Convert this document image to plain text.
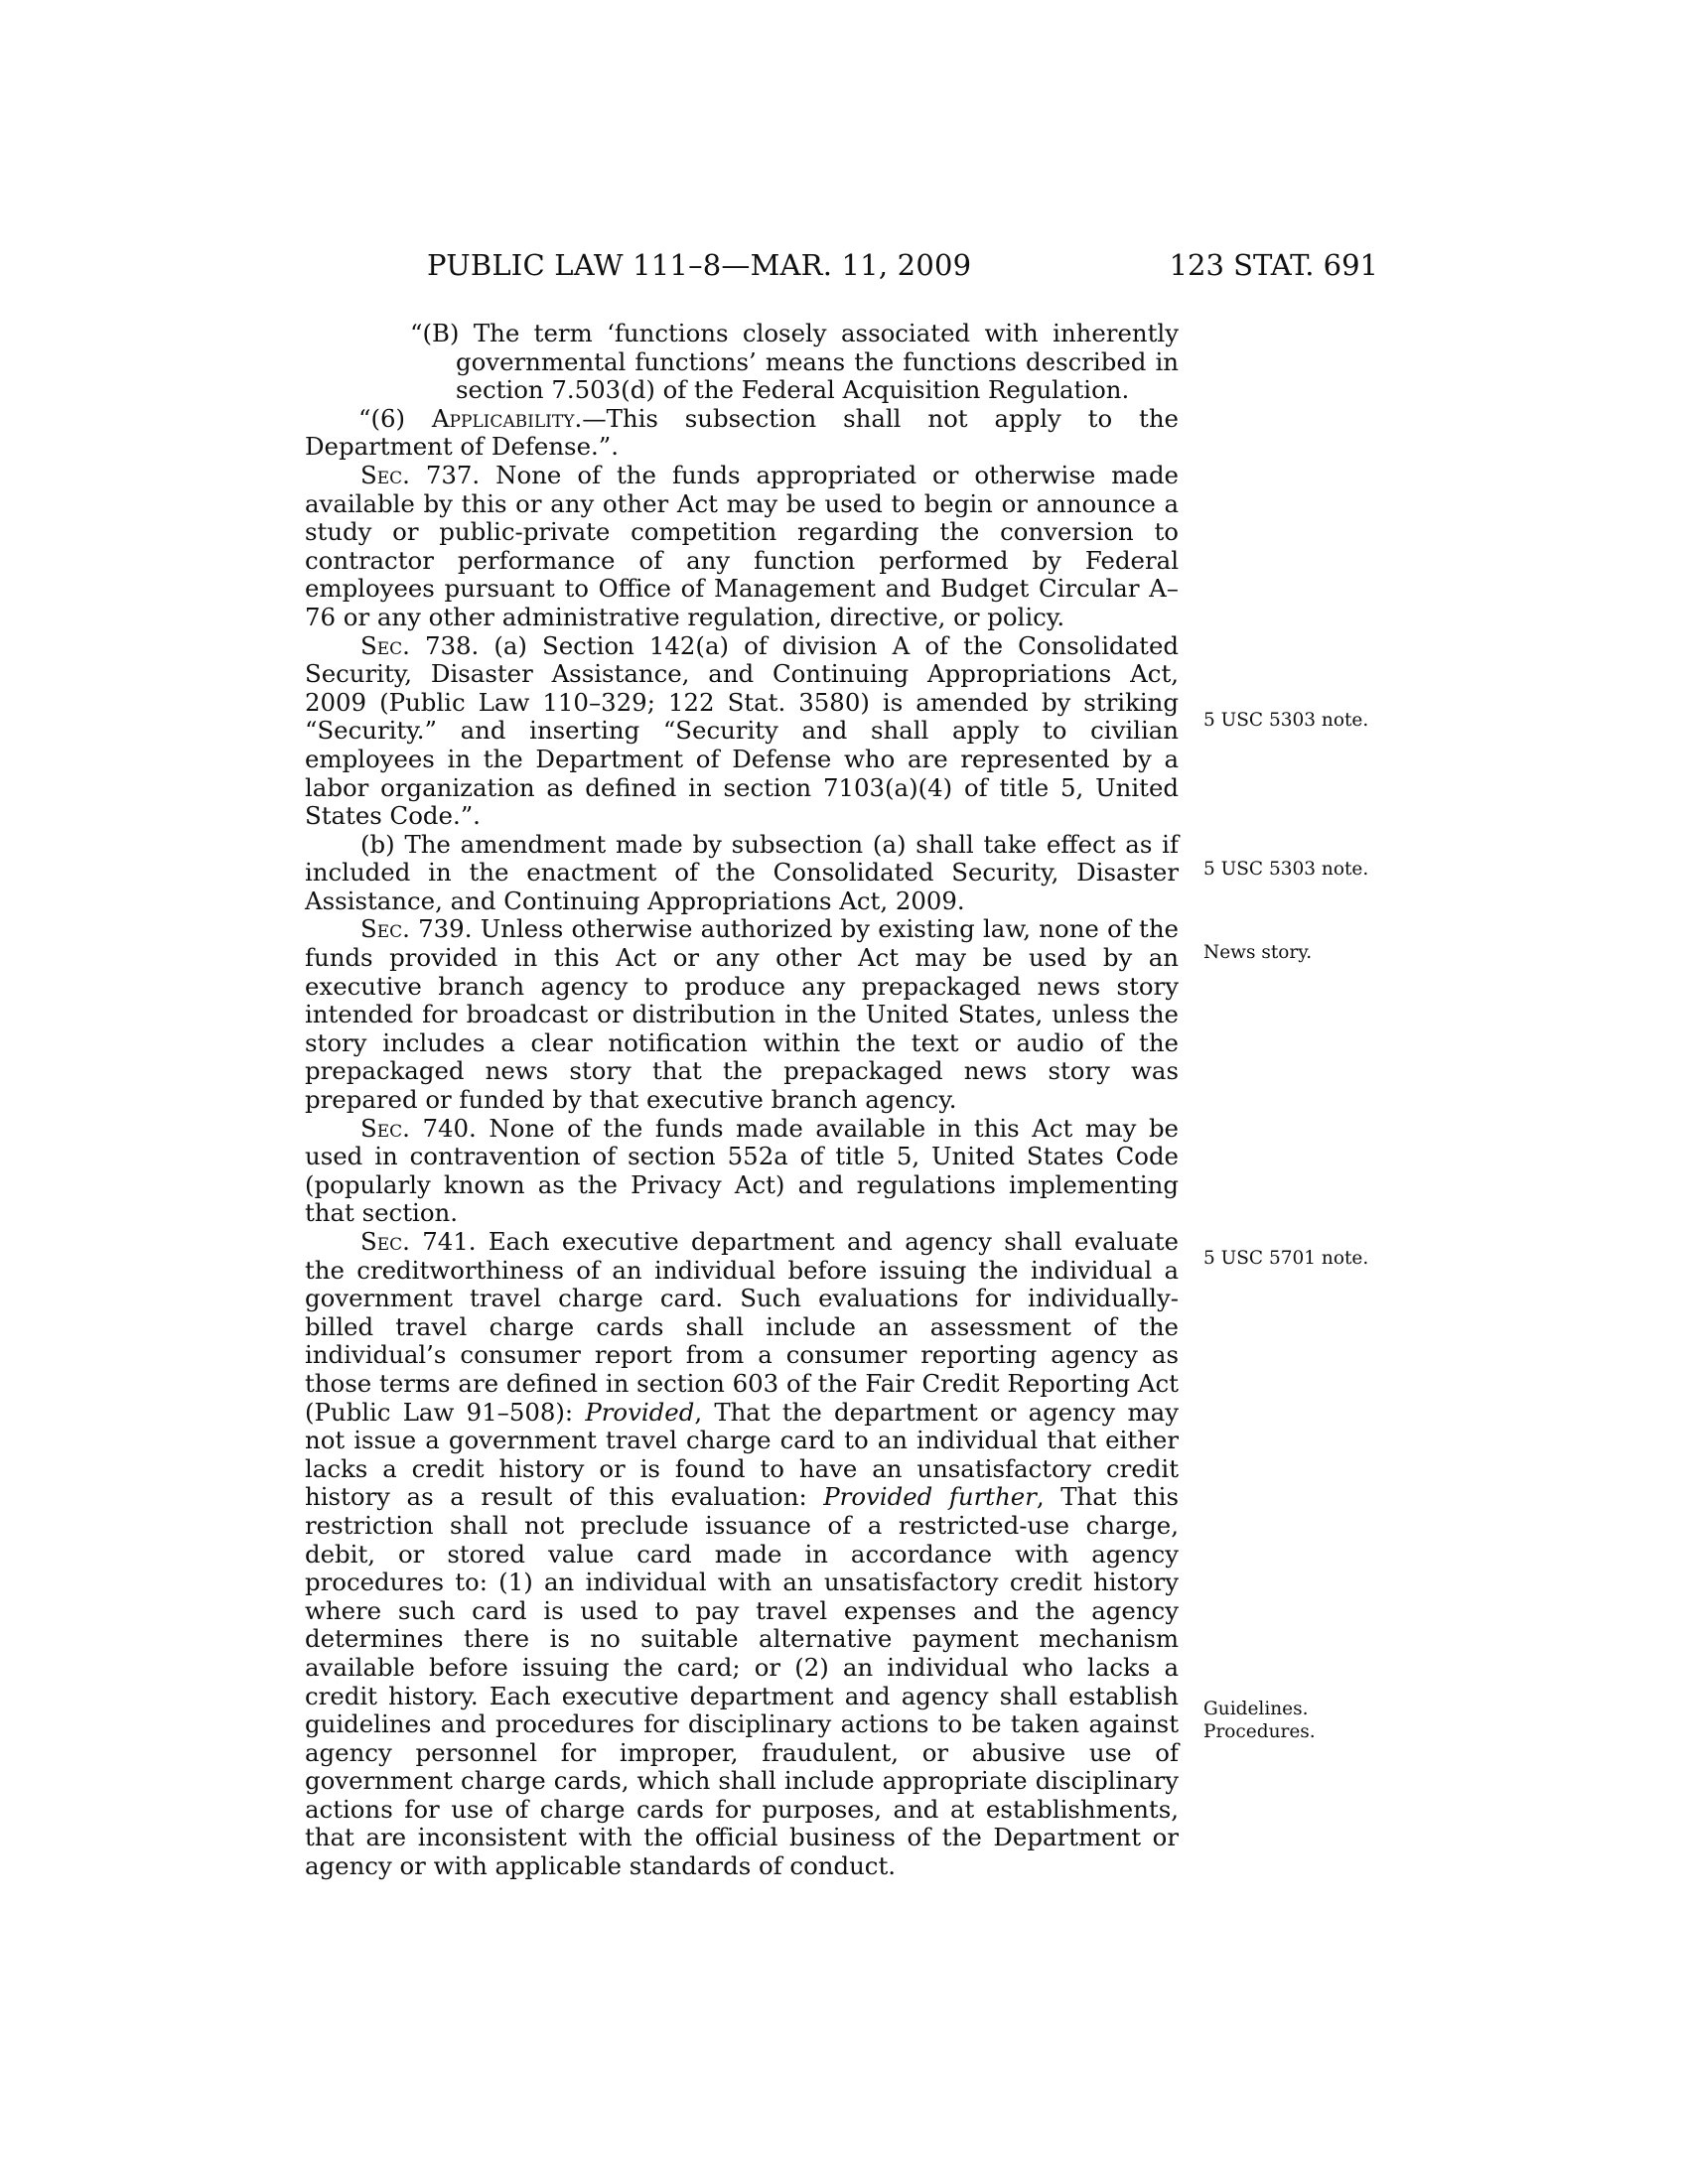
PUBLIC LAW 111–8—MAR. 11, 2009	123 STAT. 691

“(B) The term ‘functions closely associated with inherently governmental functions’ means the functions described in section 7.503(d) of the Federal Acquisition Regulation.

“(6) Applicability.—This subsection shall not apply to the Department of Defense.”.

Sec. 737. None of the funds appropriated or otherwise made available by this or any other Act may be used to begin or announce a study or public-private competition regarding the conversion to contractor performance of any function performed by Federal employees pursuant to Office of Management and Budget Circular A–76 or any other administrative regulation, directive, or policy.

Sec. 738. (a) Section 142(a) of division A of the Consolidated Security, Disaster Assistance, and Continuing Appropriations Act, 2009 (Public Law 110–329; 122 Stat. 3580) is amended by striking “Security.” and inserting “Security and shall apply to civilian employees in the Department of Defense who are represented by a labor organization as defined in section 7103(a)(4) of title 5, United States Code.”.

(b) The amendment made by subsection (a) shall take effect as if included in the enactment of the Consolidated Security, Disaster Assistance, and Continuing Appropriations Act, 2009.

Sec. 739. Unless otherwise authorized by existing law, none of the funds provided in this Act or any other Act may be used by an executive branch agency to produce any prepackaged news story intended for broadcast or distribution in the United States, unless the story includes a clear notification within the text or audio of the prepackaged news story that the prepackaged news story was prepared or funded by that executive branch agency.

Sec. 740. None of the funds made available in this Act may be used in contravention of section 552a of title 5, United States Code (popularly known as the Privacy Act) and regulations implementing that section.

Sec. 741. Each executive department and agency shall evaluate the creditworthiness of an individual before issuing the individual a government travel charge card. Such evaluations for individually-billed travel charge cards shall include an assessment of the individual’s consumer report from a consumer reporting agency as those terms are defined in section 603 of the Fair Credit Reporting Act (Public Law 91–508): Provided, That the department or agency may not issue a government travel charge card to an individual that either lacks a credit history or is found to have an unsatisfactory credit history as a result of this evaluation: Provided further, That this restriction shall not preclude issuance of a restricted-use charge, debit, or stored value card made in accordance with agency procedures to: (1) an individual with an unsatisfactory credit history where such card is used to pay travel expenses and the agency determines there is no suitable alternative payment mechanism available before issuing the card; or (2) an individual who lacks a credit history. Each executive department and agency shall establish guidelines and procedures for disciplinary actions to be taken against agency personnel for improper, fraudulent, or abusive use of government charge cards, which shall include appropriate disciplinary actions for use of charge cards for purposes, and at establishments, that are inconsistent with the official business of the Department or agency or with applicable standards of conduct.

5 USC 5303 note.
5 USC 5303 note.
News story.
5 USC 5701 note.
Guidelines.
Procedures.
